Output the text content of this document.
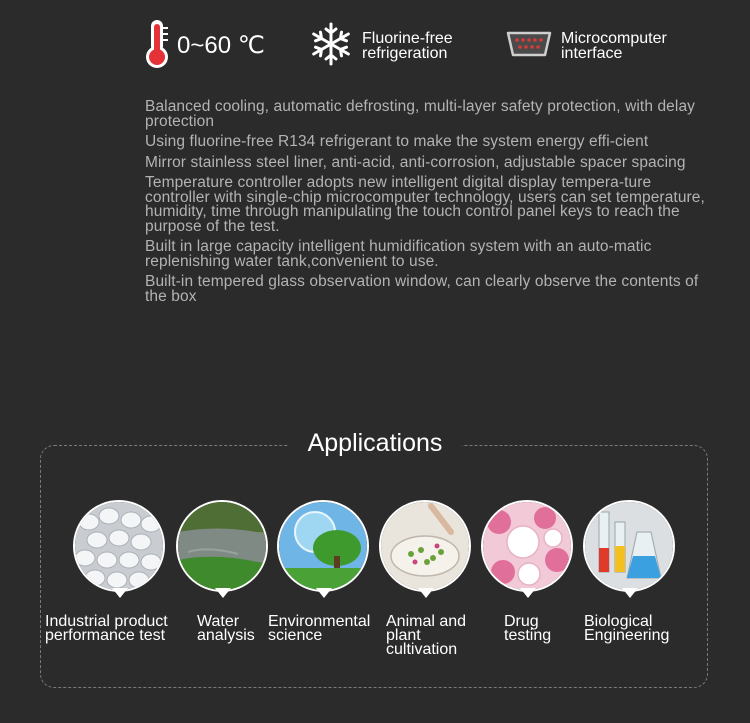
0~60 ℃	Fluorine-free
refrigeration
Microcomputer
interface

Balanced cooling, automatic defrosting, multi-layer safety protection, with delay protection

Using fluorine-free R134 refrigerant to make the system energy effi-cient

Mirror stainless steel liner, anti-acid, anti-corrosion, adjustable spacer spacing

Temperature controller adopts new intelligent digital display tempera-ture controller with single-chip microcomputer technology, users can set temperature, humidity, time through manipulating the touch control panel keys to reach the purpose of the test.

Built in large capacity intelligent humidification system with an auto-matic replenishing water tank,convenient to use.

Built-in tempered glass observation window, can clearly observe the contents of the box

Applications
Industrial product
performance test
Water
analysis
Environmental
science
Animal and
plant
cultivation
Drug
testing
Biological
Engineering
